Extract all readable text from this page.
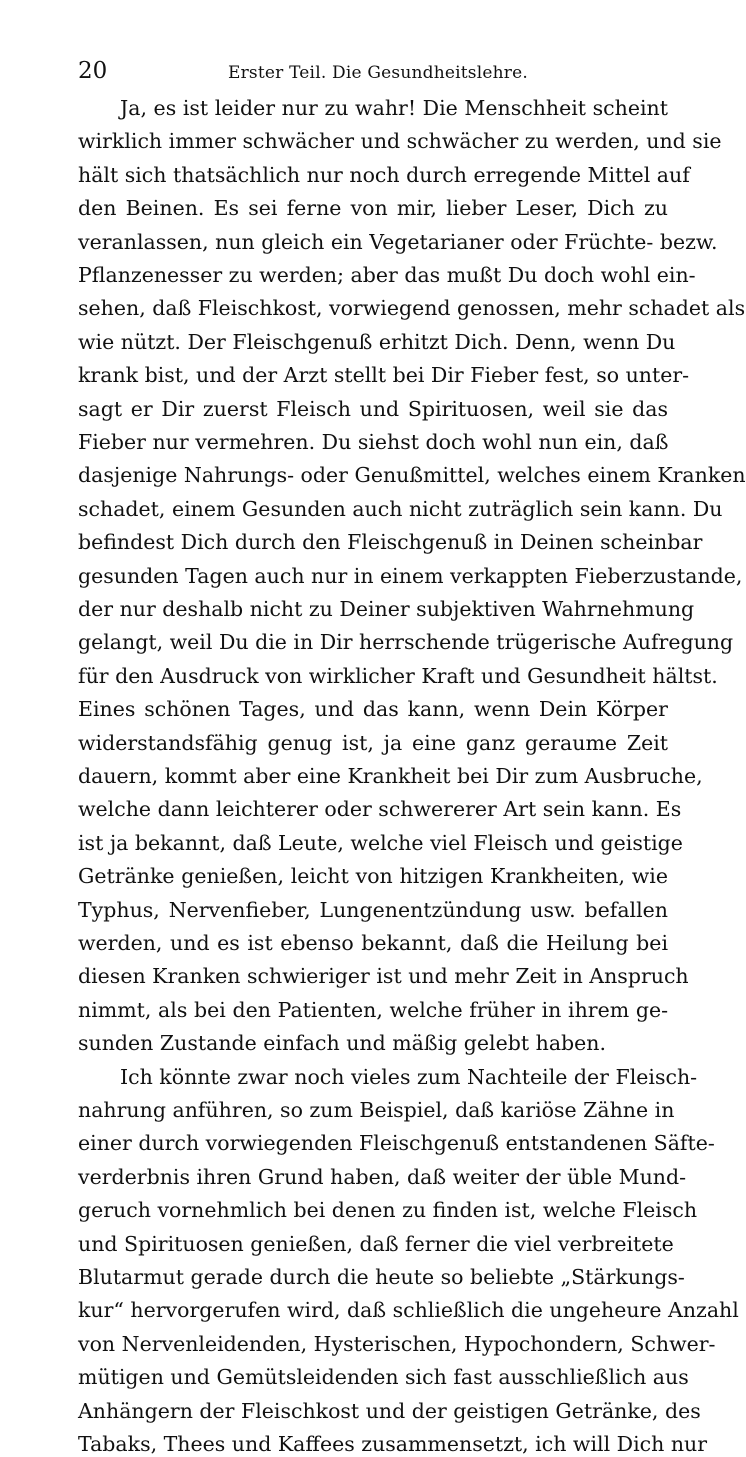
20	Erster Teil. Die Gesundheitslehre.
Ja, es ist leider nur zu wahr! Die Menschheit scheint
wirklich immer schwächer und schwächer zu werden, und sie
hält sich thatsächlich nur noch durch erregende Mittel auf
den Beinen. Es sei ferne von mir, lieber Leser, Dich zu
veranlassen, nun gleich ein Vegetarianer oder Früchte- bezw.
Pflanzenesser zu werden; aber das mußt Du doch wohl ein-
sehen, daß Fleischkost, vorwiegend genossen, mehr schadet als
wie nützt. Der Fleischgenuß erhitzt Dich. Denn, wenn Du
krank bist, und der Arzt stellt bei Dir Fieber fest, so unter-
sagt er Dir zuerst Fleisch und Spirituosen, weil sie das
Fieber nur vermehren. Du siehst doch wohl nun ein, daß
dasjenige Nahrungs- oder Genußmittel, welches einem Kranken
schadet, einem Gesunden auch nicht zuträglich sein kann. Du
befindest Dich durch den Fleischgenuß in Deinen scheinbar
gesunden Tagen auch nur in einem verkappten Fieberzustande,
der nur deshalb nicht zu Deiner subjektiven Wahrnehmung
gelangt, weil Du die in Dir herrschende trügerische Aufregung
für den Ausdruck von wirklicher Kraft und Gesundheit hältst.
Eines schönen Tages, und das kann, wenn Dein Körper
widerstandsfähig genug ist, ja eine ganz geraume Zeit
dauern, kommt aber eine Krankheit bei Dir zum Ausbruche,
welche dann leichterer oder schwererer Art sein kann. Es
ist ja bekannt, daß Leute, welche viel Fleisch und geistige
Getränke genießen, leicht von hitzigen Krankheiten, wie
Typhus, Nervenfieber, Lungenentzündung usw. befallen
werden, und es ist ebenso bekannt, daß die Heilung bei
diesen Kranken schwieriger ist und mehr Zeit in Anspruch
nimmt, als bei den Patienten, welche früher in ihrem ge-
sunden Zustande einfach und mäßig gelebt haben.
Ich könnte zwar noch vieles zum Nachteile der Fleisch-
nahrung anführen, so zum Beispiel, daß kariöse Zähne in
einer durch vorwiegenden Fleischgenuß entstandenen Säfte-
verderbnis ihren Grund haben, daß weiter der üble Mund-
geruch vornehmlich bei denen zu finden ist, welche Fleisch
und Spirituosen genießen, daß ferner die viel verbreitete
Blutarmut gerade durch die heute so beliebte „Stärkungs-
kur“ hervorgerufen wird, daß schließlich die ungeheure Anzahl
von Nervenleidenden, Hysterischen, Hypochondern, Schwer-
mütigen und Gemütsleidenden sich fast ausschließlich aus
Anhängern der Fleischkost und der geistigen Getränke, des
Tabaks, Thees und Kaffees zusammensetzt, ich will Dich nur
